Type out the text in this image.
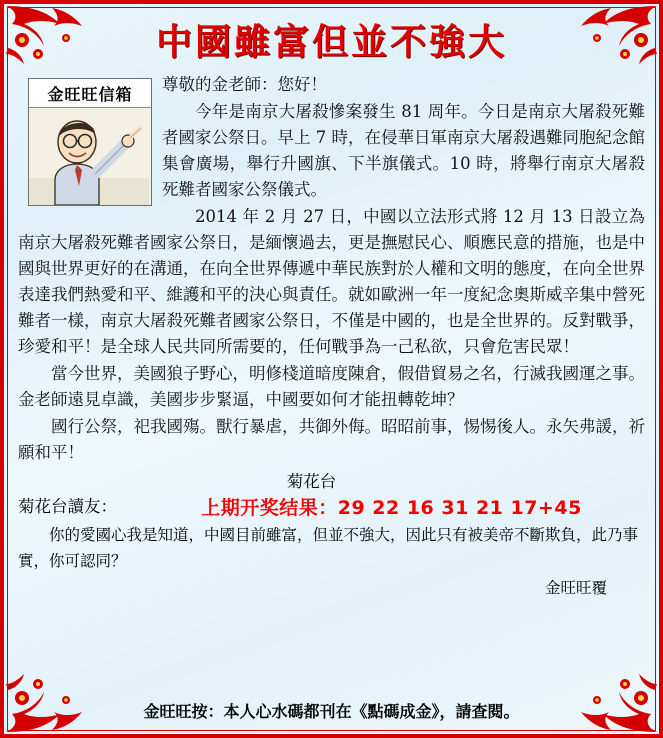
中國雖富但並不強大
金旺旺信箱

尊敬的金老師：您好！

今年是南京大屠殺慘案發生 81 周年。今日是南京大屠殺死難者國家公祭日。早上 7 時，在侵華日軍南京大屠殺遇難同胞紀念館集會廣場，舉行升國旗、下半旗儀式。10 時，將舉行南京大屠殺死難者國家公祭儀式。

2014 年 2 月 27 日，中國以立法形式將 12 月 13 日設立為南京大屠殺死難者國家公祭日，是緬懷過去，更是撫慰民心、順應民意的措施，也是中國與世界更好的在溝通，在向全世界傳遞中華民族對於人權和文明的態度，在向全世界表達我們熱愛和平、維護和平的決心與責任。就如歐洲一年一度紀念奧斯威辛集中營死難者一樣，南京大屠殺死難者國家公祭日，不僅是中國的，也是全世界的。反對戰爭，珍愛和平！是全球人民共同所需要的，任何戰爭為一己私欲，只會危害民眾！

當今世界，美國狼子野心，明修棧道暗度陳倉，假借貿易之名，行滅我國運之事。金老師遠見卓識，美國步步緊逼，中國要如何才能扭轉乾坤？

國行公祭，祀我國殤。獸行暴虐，共御外侮。昭昭前事，惕惕後人。永矢弗諼，祈願和平！

菊花台
菊花台讀友：	上期开奖结果：29 22 16 31 21 17+45
你的愛國心我是知道，中國目前雖富，但並不強大，因此只有被美帝不斷欺負，此乃事實，你可認同？
金旺旺覆
金旺旺按：本人心水碼都刊在《點碼成金》，請查閱。
